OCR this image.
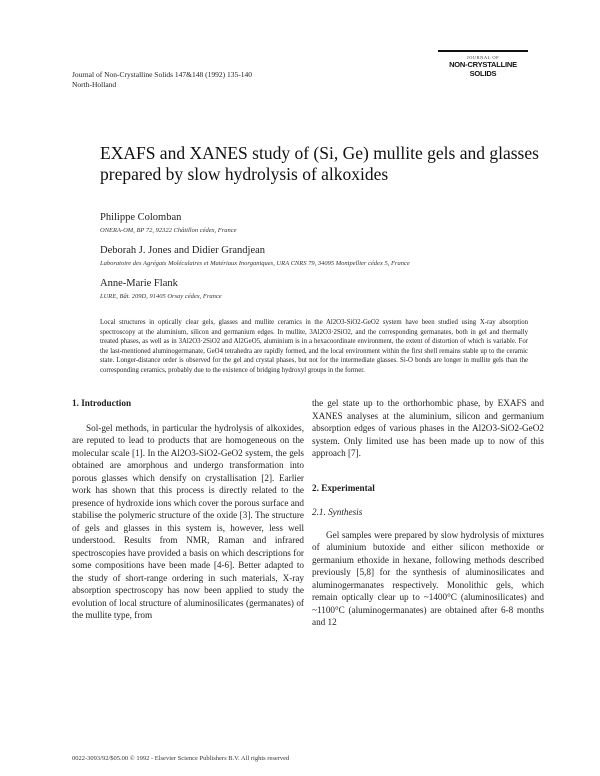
Journal of Non-Crystalline Solids 147&148 (1992) 135-140
North-Holland
JOURNAL OF
NON-CRYSTALLINE SOLIDS
EXAFS and XANES study of (Si, Ge) mullite gels and glasses prepared by slow hydrolysis of alkoxides
Philippe Colomban
ONERA-OM, BP 72, 92322 Châtillon cédex, France
Deborah J. Jones and Didier Grandjean
Laboratoire des Agrégats Moléculaires et Matériaux Inorganiques, URA CNRS 79, 34095 Montpellier cédex 5, France
Anne-Marie Flank
LURE, Bât. 209D, 91405 Orsay cédex, France
Local structures in optically clear gels, glasses and mullite ceramics in the Al2O3-SiO2-GeO2 system have been studied using X-ray absorption spectroscopy at the aluminium, silicon and germanium edges. In mullite, 3Al2O3·2SiO2, and the corresponding germanates, both in gel and thermally treated phases, as well as in 3Al2O3·2SiO2 and Al2GeO5, aluminium is in a hexacoordinate environment, the extent of distortion of which is variable. For the last-mentioned aluminogermanate, GeO4 tetrahedra are rapidly formed, and the local environment within the first shell remains stable up to the ceramic state. Longer-distance order is observed for the gel and crystal phases, but not for the intermediate glasses. Si-O bonds are longer in mullite gels than the corresponding ceramics, probably due to the existence of bridging hydroxyl groups in the former.
1. Introduction

Sol-gel methods, in particular the hydrolysis of alkoxides, are reputed to lead to products that are homogeneous on the molecular scale [1]. In the Al2O3-SiO2-GeO2 system, the gels obtained are amorphous and undergo transformation into porous glasses which densify on crystallisation [2]. Earlier work has shown that this process is directly related to the presence of hydroxide ions which cover the porous surface and stabilise the polymeric structure of the oxide [3]. The structure of gels and glasses in this system is, however, less well understood. Results from NMR, Raman and infrared spectroscopies have provided a basis on which descriptions for some compositions have been made [4-6]. Better adapted to the study of short-range ordering in such materials, X-ray absorption spectroscopy has now been applied to study the evolution of local structure of aluminosilicates (germanates) of the mullite type, from

the gel state up to the orthorhombic phase, by EXAFS and XANES analyses at the aluminium, silicon and germanium absorption edges of various phases in the Al2O3-SiO2-GeO2 system. Only limited use has been made up to now of this approach [7].

2. Experimental
2.1. Synthesis

Gel samples were prepared by slow hydrolysis of mixtures of aluminium butoxide and either silicon methoxide or germanium ethoxide in hexane, following methods described previously [5,8] for the synthesis of aluminosilicates and aluminogermanates respectively. Monolithic gels, which remain optically clear up to ~1400°C (aluminosilicates) and ~1100°C (aluminogermanates) are obtained after 6-8 months and 12

0022-3093/92/$05.00 © 1992 - Elsevier Science Publishers B.V. All rights reserved
